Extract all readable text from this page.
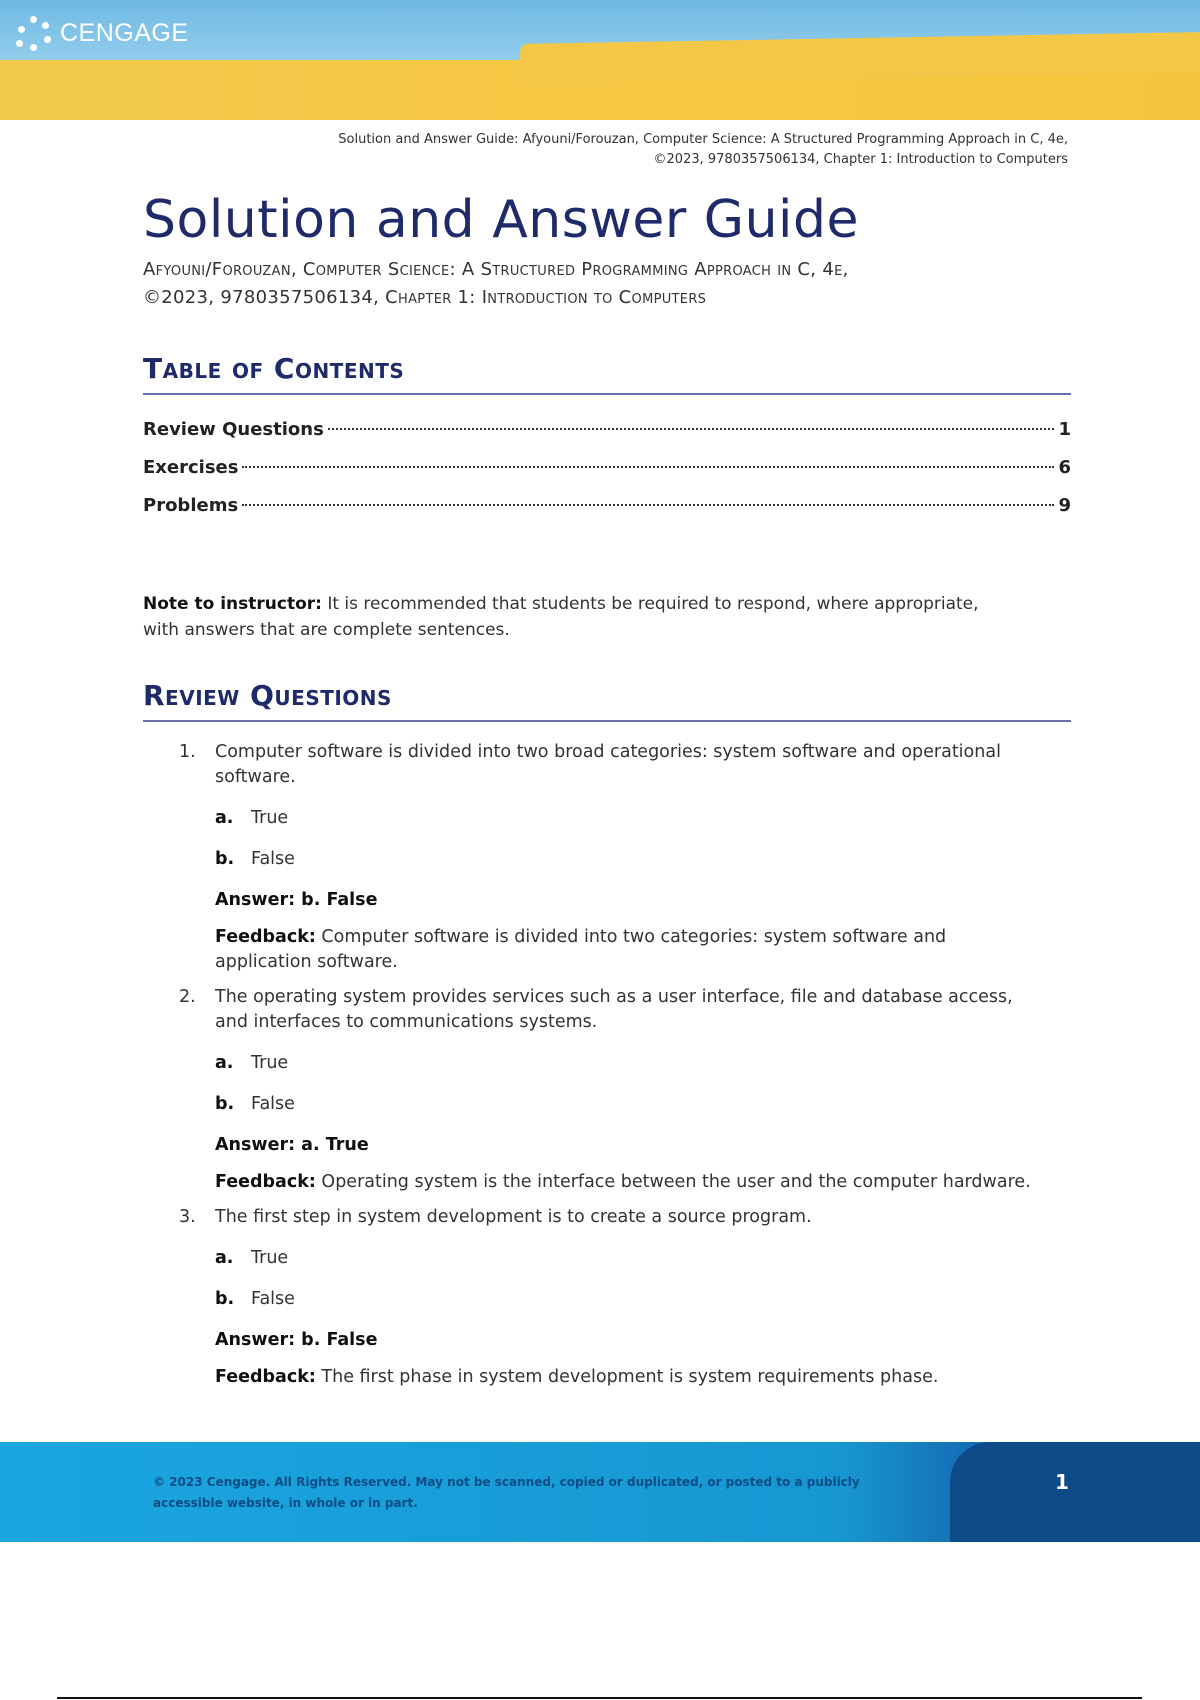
CENGAGE
Solution and Answer Guide: Afyouni/Forouzan, Computer Science: A Structured Programming Approach in C, 4e,
©2023, 9780357506134, Chapter 1: Introduction to Computers
Solution and Answer Guide
Afyouni/Forouzan, Computer Science: A Structured Programming Approach in C, 4e,
©2023, 9780357506134, Chapter 1: Introduction to Computers
Table of Contents
Review Questions	1
Exercises	6
Problems	9

Note to instructor: It is recommended that students be required to respond, where appropriate, with answers that are complete sentences.

Review Questions
1.	Computer software is divided into two broad categories: system software and operational software.
a.	True
b. False
Answer: b. False
Feedback: Computer software is divided into two categories: system software and application software.
2.	The operating system provides services such as a user interface, file and database access, and interfaces to communications systems.
a.	True
b. False
Answer: a. True
Feedback: Operating system is the interface between the user and the computer hardware.
3.	The first step in system development is to create a source program.
a.	True
b. False
Answer: b. False
Feedback: The first phase in system development is system requirements phase.
© 2023 Cengage. All Rights Reserved. May not be scanned, copied or duplicated, or posted to a publicly accessible website, in whole or in part.
1
